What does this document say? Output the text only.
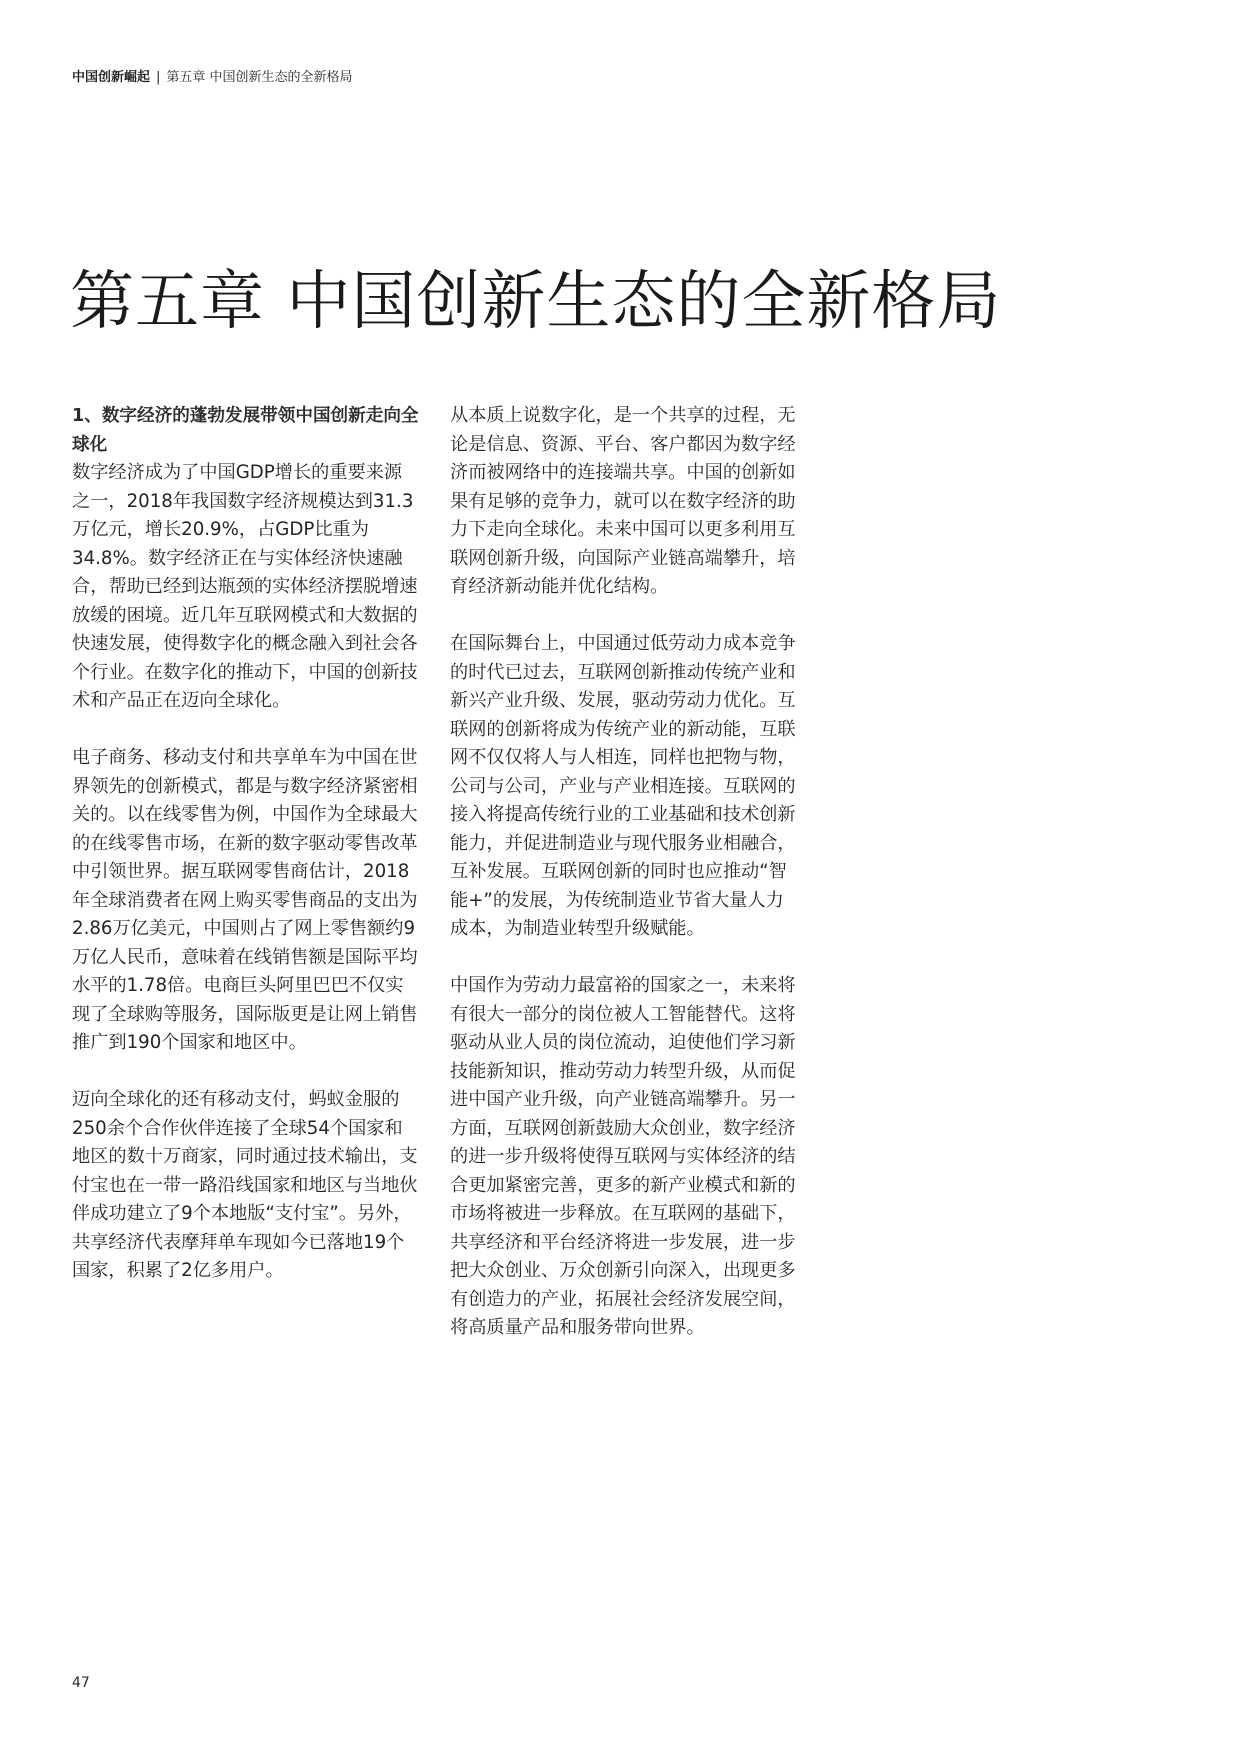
中国创新崛起 | 第五章 中国创新生态的全新格局
第五章 中国创新生态的全新格局

1、数字经济的蓬勃发展带领中国创新走向全球化

数字经济成为了中国GDP增长的重要来源之一，2018年我国数字经济规模达到31.3万亿元，增长20.9%，占GDP比重为34.8%。数字经济正在与实体经济快速融合，帮助已经到达瓶颈的实体经济摆脱增速放缓的困境。近几年互联网模式和大数据的快速发展，使得数字化的概念融入到社会各个行业。在数字化的推动下，中国的创新技术和产品正在迈向全球化。

电子商务、移动支付和共享单车为中国在世界领先的创新模式，都是与数字经济紧密相关的。以在线零售为例，中国作为全球最大的在线零售市场，在新的数字驱动零售改革中引领世界。据互联网零售商估计，2018年全球消费者在网上购买零售商品的支出为2.86万亿美元，中国则占了网上零售额约9万亿人民币，意味着在线销售额是国际平均水平的1.78倍。电商巨头阿里巴巴不仅实现了全球购等服务，国际版更是让网上销售推广到190个国家和地区中。

迈向全球化的还有移动支付，蚂蚁金服的250余个合作伙伴连接了全球54个国家和地区的数十万商家，同时通过技术输出，支付宝也在一带一路沿线国家和地区与当地伙伴成功建立了9个本地版“支付宝”。另外，共享经济代表摩拜单车现如今已落地19个国家，积累了2亿多用户。

从本质上说数字化，是一个共享的过程，无论是信息、资源、平台、客户都因为数字经济而被网络中的连接端共享。中国的创新如果有足够的竞争力，就可以在数字经济的助力下走向全球化。未来中国可以更多利用互联网创新升级，向国际产业链高端攀升，培育经济新动能并优化结构。

在国际舞台上，中国通过低劳动力成本竞争的时代已过去，互联网创新推动传统产业和新兴产业升级、发展，驱动劳动力优化。互联网的创新将成为传统产业的新动能，互联网不仅仅将人与人相连，同样也把物与物，公司与公司，产业与产业相连接。互联网的接入将提高传统行业的工业基础和技术创新能力，并促进制造业与现代服务业相融合，互补发展。互联网创新的同时也应推动“智能+”的发展，为传统制造业节省大量人力成本，为制造业转型升级赋能。

中国作为劳动力最富裕的国家之一，未来将有很大一部分的岗位被人工智能替代。这将驱动从业人员的岗位流动，迫使他们学习新技能新知识，推动劳动力转型升级，从而促进中国产业升级，向产业链高端攀升。另一方面，互联网创新鼓励大众创业，数字经济的进一步升级将使得互联网与实体经济的结合更加紧密完善，更多的新产业模式和新的市场将被进一步释放。在互联网的基础下，共享经济和平台经济将进一步发展，进一步把大众创业、万众创新引向深入，出现更多有创造力的产业，拓展社会经济发展空间，将高质量产品和服务带向世界。

47
